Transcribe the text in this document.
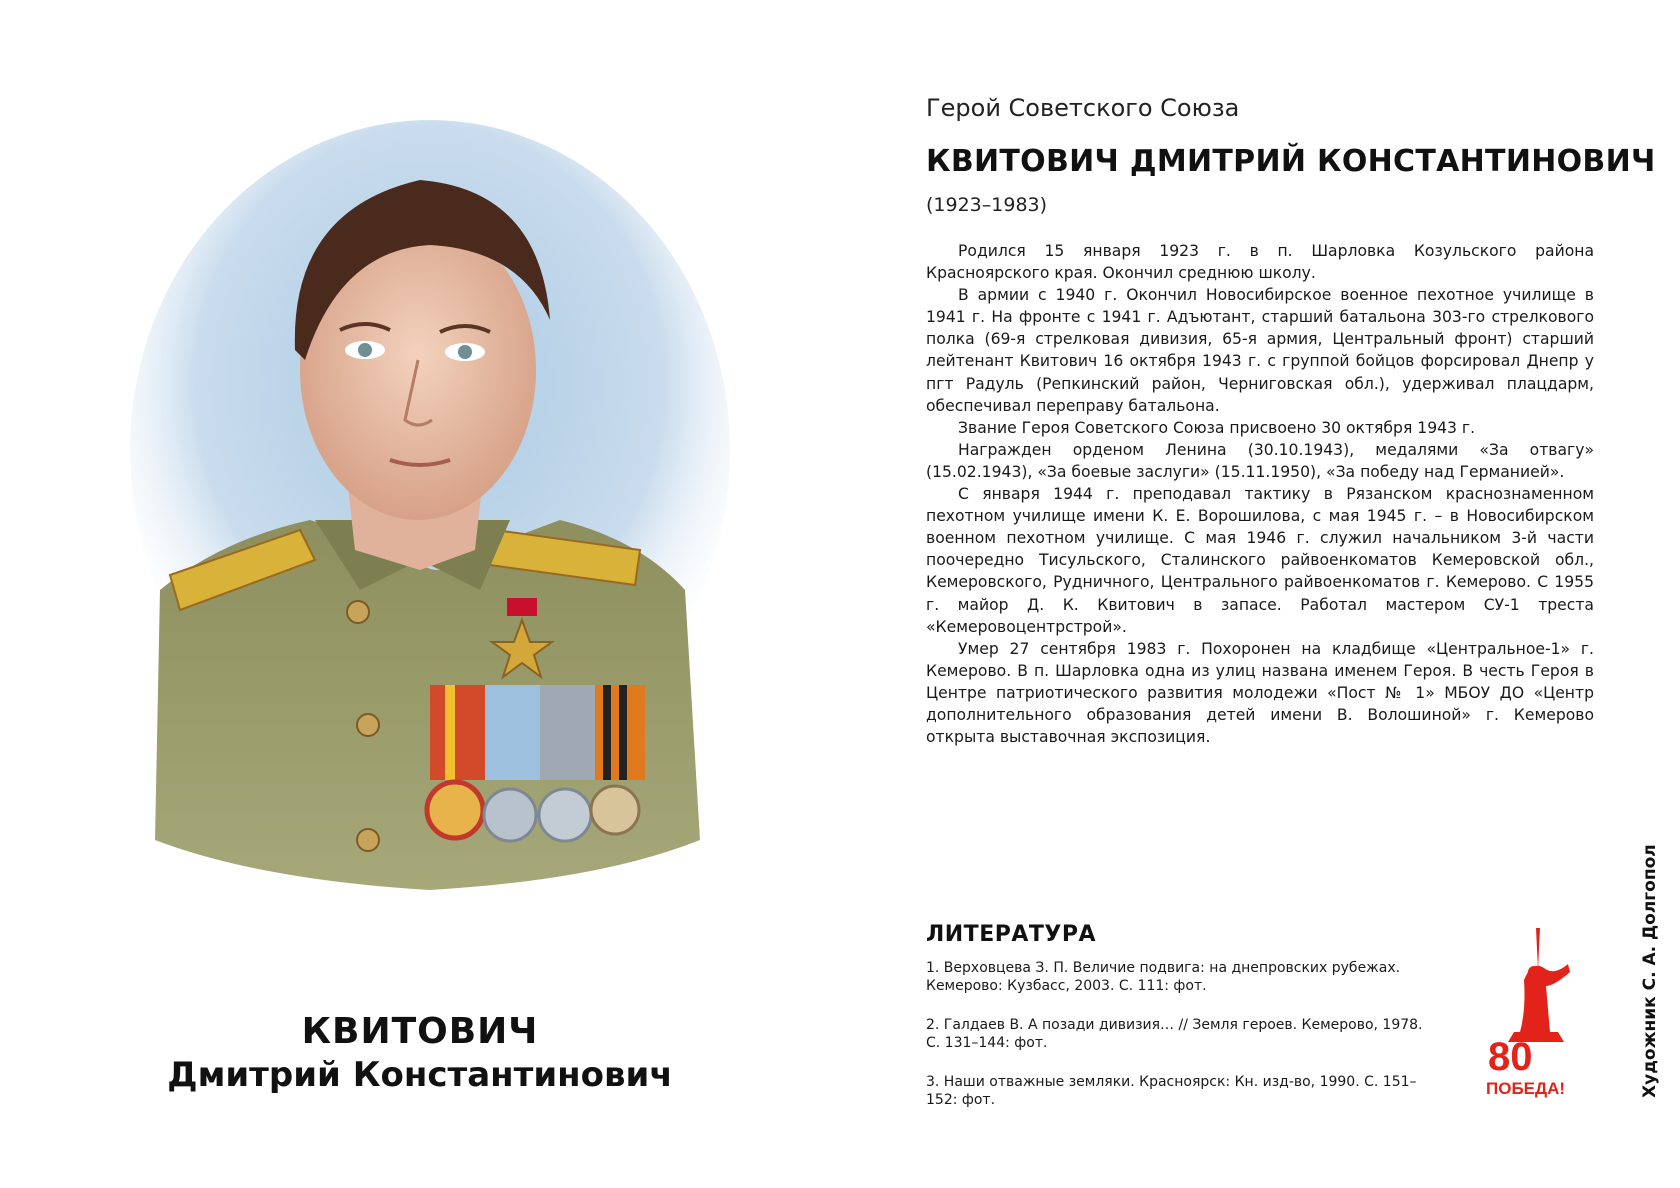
КВИТОВИЧ
Дмитрий Константинович
Герой Советского Союза
КВИТОВИЧ ДМИТРИЙ КОНСТАНТИНОВИЧ
(1923–1983)

Родился 15 января 1923 г. в п. Шарловка Козульского района Красноярского края. Окончил среднюю школу.

В армии с 1940 г. Окончил Новосибирское военное пехотное училище в 1941 г. На фронте с 1941 г. Адъютант, старший батальона 303-го стрелкового полка (69-я стрелковая дивизия, 65-я армия, Центральный фронт) старший лейтенант Квитович 16 октября 1943 г. с группой бойцов форсировал Днепр у пгт Радуль (Репкинский район, Черниговская обл.), удерживал плацдарм, обеспечивал переправу батальона.

Звание Героя Советского Союза присвоено 30 октября 1943 г.

Награжден орденом Ленина (30.10.1943), медалями «За отвагу» (15.02.1943), «За боевые заслуги» (15.11.1950), «За победу над Германией».

С января 1944 г. преподавал тактику в Рязанском краснознаменном пехотном училище имени К. Е. Ворошилова, с мая 1945 г. – в Новосибирском военном пехотном училище. С мая 1946 г. служил начальником 3-й части поочередно Тисульского, Сталинского райвоенкоматов Кемеровской обл., Кемеровского, Рудничного, Центрального райвоенкоматов г. Кемерово. С 1955 г. майор Д. К. Квитович в запасе. Работал мастером СУ-1 треста «Кемеровоцентрстрой».

Умер 27 сентября 1983 г. Похоронен на кладбище «Центральное-1» г. Кемерово. В п. Шарловка одна из улиц названа именем Героя. В честь Героя в Центре патриотического развития молодежи «Пост № 1» МБОУ ДО «Центр дополнительного образования детей имени В. Волошиной» г. Кемерово открыта выставочная экспозиция.

ЛИТЕРАТУРА
1. Верховцева З. П. Величие подвига: на днепровских рубежах. Кемерово: Кузбасс, 2003. С. 111: фот.
2. Галдаев В. А позади дивизия… // Земля героев. Кемерово, 1978. С. 131–144: фот.
3. Наши отважные земляки. Красноярск: Кн. изд-во, 1990. С. 151–152: фот.
80
ПОБЕДА!	Художник С. А. Долгопол
